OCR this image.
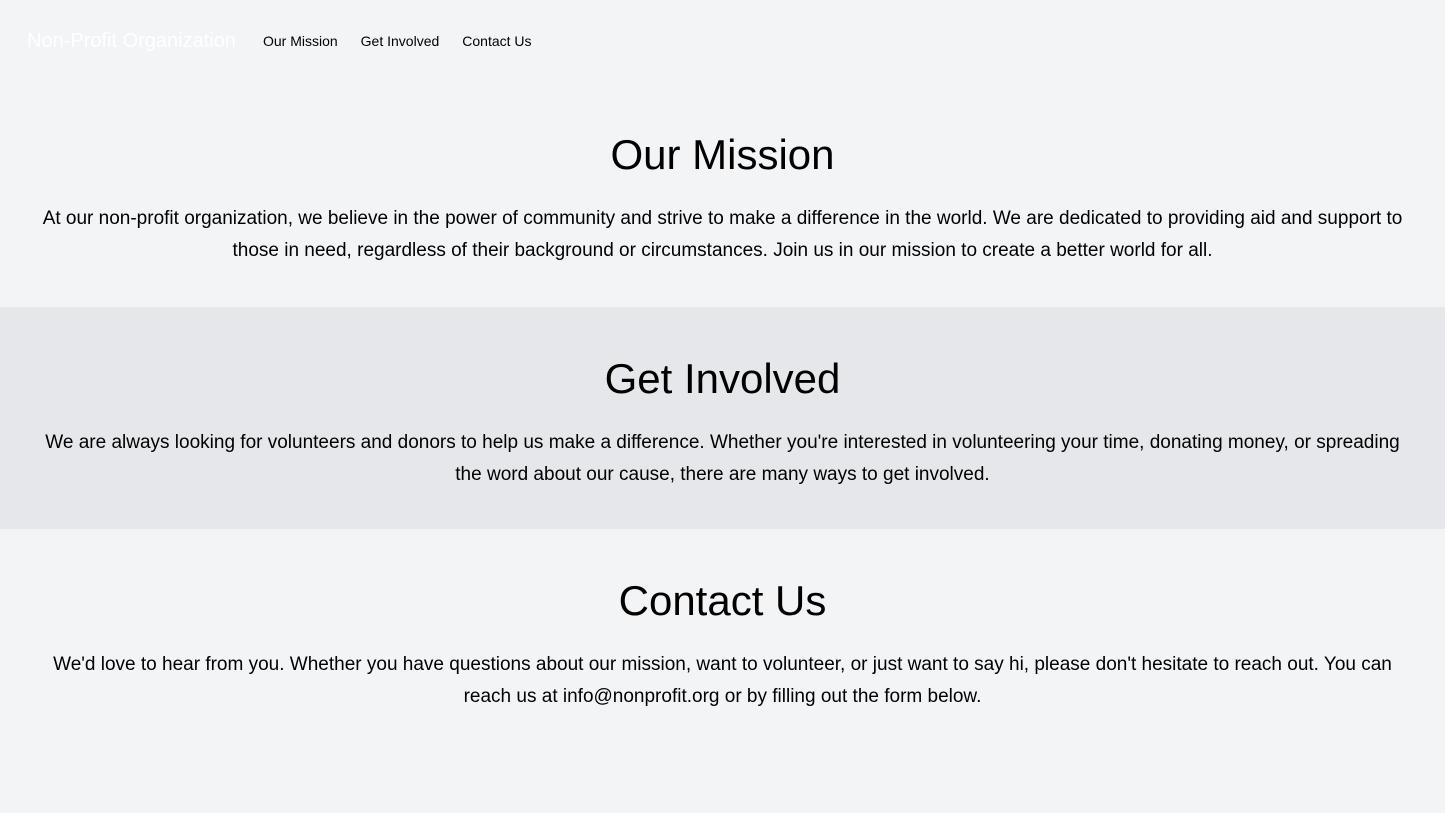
Non-Profit Organization Our Mission Get Involved Contact Us
Our Mission

At our non-profit organization, we believe in the power of community and strive to make a difference in the world. We are dedicated to providing aid and support to those in need, regardless of their background or circumstances. Join us in our mission to create a better world for all.

Get Involved

We are always looking for volunteers and donors to help us make a difference. Whether you're interested in volunteering your time, donating money, or spreading the word about our cause, there are many ways to get involved.

Contact Us

We'd love to hear from you. Whether you have questions about our mission, want to volunteer, or just want to say hi, please don't hesitate to reach out. You can reach us at info@nonprofit.org or by filling out the form below.
